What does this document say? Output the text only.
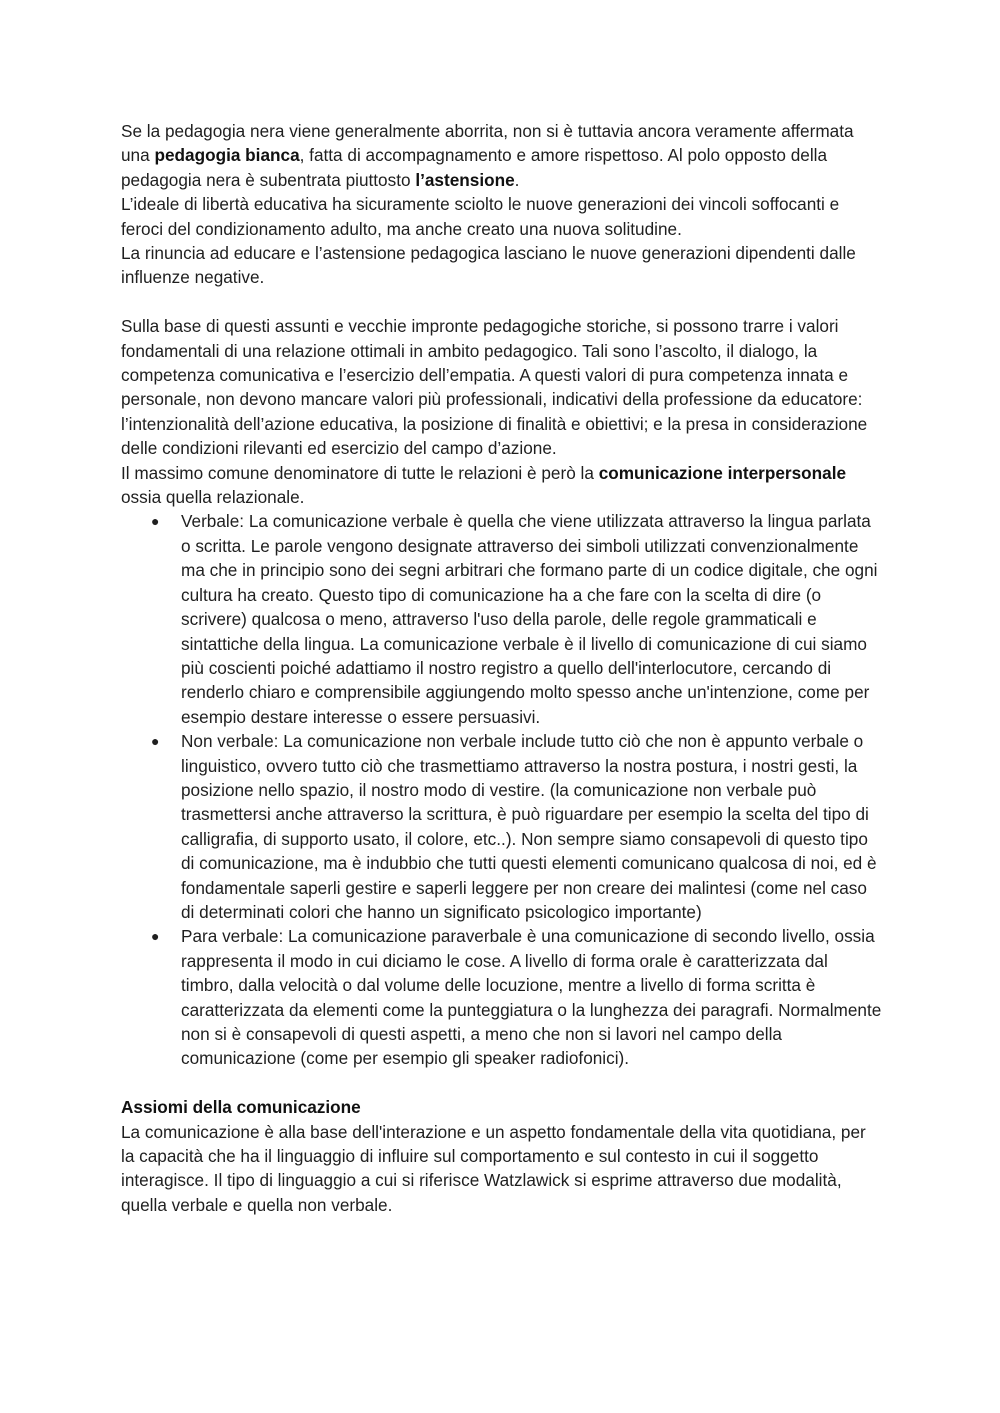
Se la pedagogia nera viene generalmente aborrita, non si è tuttavia ancora veramente affermata una pedagogia bianca, fatta di accompagnamento e amore rispettoso. Al polo opposto della pedagogia nera è subentrata piuttosto l’astensione.

L’ideale di libertà educativa ha sicuramente sciolto le nuove generazioni dei vincoli soffocanti e feroci del condizionamento adulto, ma anche creato una nuova solitudine.

La rinuncia ad educare e l’astensione pedagogica lasciano le nuove generazioni dipendenti dalle influenze negative.

Sulla base di questi assunti e vecchie impronte pedagogiche storiche, si possono trarre i valori fondamentali di una relazione ottimali in ambito pedagogico. Tali sono l’ascolto, il dialogo, la competenza comunicativa e l’esercizio dell’empatia. A questi valori di pura competenza innata e personale, non devono mancare valori più professionali, indicativi della professione da educatore: l’intenzionalità dell’azione educativa, la posizione di finalità e obiettivi; e la presa in considerazione delle condizioni rilevanti ed esercizio del campo d’azione.

Il massimo comune denominatore di tutte le relazioni è però la comunicazione interpersonale ossia quella relazionale.

● Verbale: La comunicazione verbale è quella che viene utilizzata attraverso la lingua parlata o scritta. Le parole vengono designate attraverso dei simboli utilizzati convenzionalmente ma che in principio sono dei segni arbitrari che formano parte di un codice digitale, che ogni cultura ha creato. Questo tipo di comunicazione ha a che fare con la scelta di dire (o scrivere) qualcosa o meno, attraverso l'uso della parole, delle regole grammaticali e sintattiche della lingua. La comunicazione verbale è il livello di comunicazione di cui siamo più coscienti poiché adattiamo il nostro registro a quello dell'interlocutore, cercando di renderlo chiaro e comprensibile aggiungendo molto spesso anche un'intenzione, come per esempio destare interesse o essere persuasivi.
● Non verbale: La comunicazione non verbale include tutto ciò che non è appunto verbale o linguistico, ovvero tutto ciò che trasmettiamo attraverso la nostra postura, i nostri gesti, la posizione nello spazio, il nostro modo di vestire. (la comunicazione non verbale può trasmettersi anche attraverso la scrittura, è può riguardare per esempio la scelta del tipo di calligrafia, di supporto usato, il colore, etc..). Non sempre siamo consapevoli di questo tipo di comunicazione, ma è indubbio che tutti questi elementi comunicano qualcosa di noi, ed è fondamentale saperli gestire e saperli leggere per non creare dei malintesi (come nel caso di determinati colori che hanno un significato psicologico importante)
● Para verbale: La comunicazione paraverbale è una comunicazione di secondo livello, ossia rappresenta il modo in cui diciamo le cose. A livello di forma orale è caratterizzata dal timbro, dalla velocità o dal volume delle locuzione, mentre a livello di forma scritta è caratterizzata da elementi come la punteggiatura o la lunghezza dei paragrafi. Normalmente non si è consapevoli di questi aspetti, a meno che non si lavori nel campo della comunicazione (come per esempio gli speaker radiofonici).

Assiomi della comunicazione

La comunicazione è alla base dell'interazione e un aspetto fondamentale della vita quotidiana, per la capacità che ha il linguaggio di influire sul comportamento e sul contesto in cui il soggetto interagisce. Il tipo di linguaggio a cui si riferisce Watzlawick si esprime attraverso due modalità, quella verbale e quella non verbale.
